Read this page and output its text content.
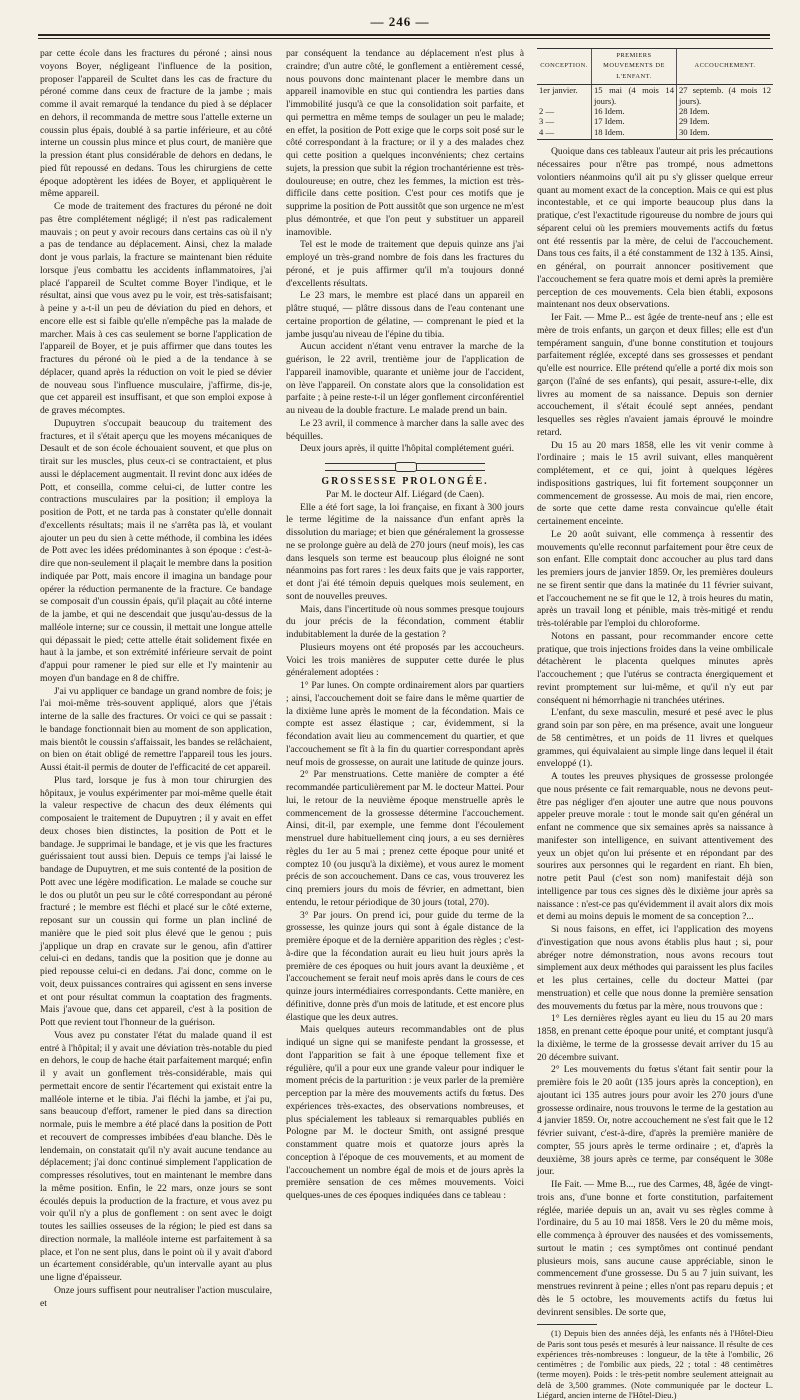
— 246 —

par cette école dans les fractures du péroné ; ainsi nous voyons Boyer, négligeant l'influence de la position, proposer l'appareil de Scultet dans les cas de fracture du péroné comme dans ceux de fracture de la jambe ; mais comme il avait remarqué la tendance du pied à se déplacer en dehors, il recommanda de mettre sous l'attelle externe un coussin plus épais, doublé à sa partie inférieure, et au côté interne un coussin plus mince et plus court, de manière que la pression étant plus considérable de dehors en dedans, le pied fût repoussé en dedans. Tous les chirurgiens de cette époque adoptèrent les idées de Boyer, et appliquèrent le même appareil.

Ce mode de traitement des fractures du péroné ne doit pas être complétement négligé; il n'est pas radicalement mauvais ; on peut y avoir recours dans certains cas où il n'y a pas de tendance au déplacement. Ainsi, chez la malade dont je vous parlais, la fracture se maintenant bien réduite lorsque j'eus combattu les accidents inflammatoires, j'ai placé l'appareil de Scultet comme Boyer l'indique, et le résultat, ainsi que vous avez pu le voir, est très-satisfaisant; à peine y a-t-il un peu de déviation du pied en dehors, et encore elle est si faible qu'elle n'empêche pas la malade de marcher. Mais à ces cas seulement se borne l'application de l'appareil de Boyer, et je puis affirmer que dans toutes les fractures du péroné où le pied a de la tendance à se déplacer, quand après la réduction on voit le pied se dévier de nouveau sous l'influence musculaire, j'affirme, dis-je, que cet appareil est insuffisant, et que son emploi expose à de graves mécomptes.

Dupuytren s'occupait beaucoup du traitement des fractures, et il s'était aperçu que les moyens mécaniques de Desault et de son école échouaient souvent, et que plus on tirait sur les muscles, plus ceux-ci se contractaient, et plus aussi le déplacement augmentait. Il revint donc aux idées de Pott, et conseilla, comme celui-ci, de lutter contre les contractions musculaires par la position; il employa la position de Pott, et ne tarda pas à constater qu'elle donnait d'excellents résultats; mais il ne s'arrêta pas là, et voulant ajouter un peu du sien à cette méthode, il combina les idées de Pott avec les idées prédominantes à son époque : c'est-à-dire que non-seulement il plaçait le membre dans la position indiquée par Pott, mais encore il imagina un bandage pour opérer la réduction permanente de la fracture. Ce bandage se composait d'un coussin épais, qu'il plaçait au côté interne de la jambe, et qui ne descendait que jusqu'au-dessus de la malléole interne; sur ce coussin, il mettait une longue attelle qui dépassait le pied; cette attelle était solidement fixée en haut à la jambe, et son extrémité inférieure servait de point d'appui pour ramener le pied sur elle et l'y maintenir au moyen d'un bandage en 8 de chiffre.

J'ai vu appliquer ce bandage un grand nombre de fois; je l'ai moi-même très-souvent appliqué, alors que j'étais interne de la salle des fractures. Or voici ce qui se passait : le bandage fonctionnait bien au moment de son application, mais bientôt le coussin s'affaissait, les bandes se relâchaient, on bien on était obligé de remettre l'appareil tous les jours. Aussi était-il permis de douter de l'efficacité de cet appareil.

Plus tard, lorsque je fus à mon tour chirurgien des hôpitaux, je voulus expérimenter par moi-même quelle était la valeur respective de chacun des deux éléments qui composaient le traitement de Dupuytren ; il y avait en effet deux choses bien distinctes, la position de Pott et le bandage. Je supprimai le bandage, et je vis que les fractures guérissaient tout aussi bien. Depuis ce temps j'ai laissé le bandage de Dupuytren, et me suis contenté de la position de Pott avec une légère modification. Le malade se couche sur le dos ou plutôt un peu sur le côté correspondant au péroné fracturé ; le membre est fléchi et placé sur le côté externe, reposant sur un coussin qui forme un plan incliné de manière que le pied soit plus élevé que le genou ; puis j'applique un drap en cravate sur le genou, afin d'attirer celui-ci en dedans, tandis que la position que je donne au pied repousse celui-ci en dedans. J'ai donc, comme on le voit, deux puissances contraires qui agissent en sens inverse et ont pour résultat commun la coaptation des fragments. Mais j'avoue que, dans cet appareil, c'est à la position de Pott que revient tout l'honneur de la guérison.

Vous avez pu constater l'état du malade quand il est entré à l'hôpital; il y avait une déviation très-notable du pied en dehors, le coup de hache était parfaitement marqué; enfin il y avait un gonflement très-considérable, mais qui permettait encore de sentir l'écartement qui existait entre la malléole interne et le tibia. J'ai fléchi la jambe, et j'ai pu, sans beaucoup d'effort, ramener le pied dans sa direction normale, puis le membre a été placé dans la position de Pott et recouvert de compresses imbibées d'eau blanche. Dès le lendemain, on constatait qu'il n'y avait aucune tendance au déplacement; j'ai donc continué simplement l'application de compresses résolutives, tout en maintenant le membre dans la même position. Enfin, le 22 mars, onze jours se sont écoulés depuis la production de la fracture, et vous avez pu voir qu'il n'y a plus de gonflement : on sent avec le doigt toutes les saillies osseuses de la région; le pied est dans sa direction normale, la malléole interne est parfaitement à sa place, et l'on ne sent plus, dans le point où il y avait d'abord un écartement considérable, qu'un intervalle ayant au plus une ligne d'épaisseur.

Onze jours suffisent pour neutraliser l'action musculaire, et

par conséquent la tendance au déplacement n'est plus à craindre; d'un autre côté, le gonflement a entièrement cessé, nous pouvons donc maintenant placer le membre dans un appareil inamovible en stuc qui contiendra les parties dans l'immobilité jusqu'à ce que la consolidation soit parfaite, et qui permettra en même temps de soulager un peu le malade; en effet, la position de Pott exige que le corps soit posé sur le côté correspondant à la fracture; or il y a des malades chez qui cette position a quelques inconvénients; chez certains sujets, la pression que subit la région trochantérienne est très-douloureuse; en outre, chez les femmes, la miction est très-difficile dans cette position. C'est pour ces motifs que je supprime la position de Pott aussitôt que son urgence ne m'est plus démontrée, et que l'on peut y substituer un appareil inamovible.

Tel est le mode de traitement que depuis quinze ans j'ai employé un très-grand nombre de fois dans les fractures du péroné, et je puis affirmer qu'il m'a toujours donné d'excellents résultats.

Le 23 mars, le membre est placé dans un appareil en plâtre stuqué, — plâtre dissous dans de l'eau contenant une certaine proportion de gélatine, — comprenant le pied et la jambe jusqu'au niveau de l'épine du tibia.

Aucun accident n'étant venu entraver la marche de la guérison, le 22 avril, trentième jour de l'application de l'appareil inamovible, quarante et unième jour de l'accident, on lève l'appareil. On constate alors que la consolidation est parfaite ; à peine reste-t-il un léger gonflement circonférentiel au niveau de la double fracture. Le malade prend un bain.

Le 23 avril, il commence à marcher dans la salle avec des béquilles.

Deux jours après, il quitte l'hôpital complétement guéri.

GROSSESSE PROLONGÉE.

Par M. le docteur Alf. Liégard (de Caen).

Elle a été fort sage, la loi française, en fixant à 300 jours le terme légitime de la naissance d'un enfant après la dissolution du mariage; et bien que généralement la grossesse ne se prolonge guère au delà de 270 jours (neuf mois), les cas dans lesquels son terme est beaucoup plus éloigné ne sont néanmoins pas fort rares : les deux faits que je vais rapporter, et dont j'ai été témoin depuis quelques mois seulement, en sont de nouvelles preuves.

Mais, dans l'incertitude où nous sommes presque toujours du jour précis de la fécondation, comment établir indubitablement la durée de la gestation ?

Plusieurs moyens ont été proposés par les accoucheurs. Voici les trois manières de supputer cette durée le plus généralement adoptées :

1° Par lunes. On compte ordinairement alors par quartiers ; ainsi, l'accouchement doit se faire dans le même quartier de la dixième lune après le moment de la fécondation. Mais ce compte est assez élastique ; car, évidemment, si la fécondation avait lieu au commencement du quartier, et que l'accouchement se fît à la fin du quartier correspondant après neuf mois de grossesse, on aurait une latitude de quinze jours.

2° Par menstruations. Cette manière de compter a été recommandée particulièrement par M. le docteur Mattei. Pour lui, le retour de la neuvième époque menstruelle après le commencement de la grossesse détermine l'accouchement. Ainsi, dit-il, par exemple, une femme dont l'écoulement menstruel dure habituellement cinq jours, a eu ses dernières règles du 1er au 5 mai ; prenez cette époque pour unité et comptez 10 (ou jusqu'à la dixième), et vous aurez le moment précis de son accouchement. Dans ce cas, vous trouverez les cinq premiers jours du mois de février, en admettant, bien entendu, le retour périodique de 30 jours (total, 270).

3° Par jours. On prend ici, pour guide du terme de la grossesse, les quinze jours qui sont à égale distance de la première époque et de la dernière apparition des règles ; c'est-à-dire que la fécondation aurait eu lieu huit jours après la première de ces époques ou huit jours avant la deuxième , et l'accouchement se ferait neuf mois après dans le cours de ces quinze jours intermédiaires correspondants. Cette manière, en définitive, donne près d'un mois de latitude, et est encore plus élastique que les deux autres.

Mais quelques auteurs recommandables ont de plus indiqué un signe qui se manifeste pendant la grossesse, et dont l'apparition se fait à une époque tellement fixe et régulière, qu'il a pour eux une grande valeur pour indiquer le moment précis de la parturition : je veux parler de la première perception par la mère des mouvements actifs du fœtus. Des expériences très-exactes, des observations nombreuses, et plus spécialement les tableaux si remarquables publiés en Pologne par M. le docteur Smith, ont assigné presque constamment quatre mois et quatorze jours après la conception à l'époque de ces mouvements, et au moment de l'accouchement un nombre égal de mois et de jours après la première sensation de ces mêmes mouvements. Voici quelques-unes de ces époques indiquées dans ce tableau :

CONCEPTION.	PREMIERS MOUVEMENTS DE L'ENFANT.	ACCOUCHEMENT.
1er janvier.	15 mai (4 mois 14 jours).	27 septemb. (4 mois 12 jours).
2 —	16 Idem.	28 Idem.
3 —	17 Idem.	29 Idem.
4 —	18 Idem.	30 Idem.

Quoique dans ces tableaux l'auteur ait pris les précautions nécessaires pour n'être pas trompé, nous admettons volontiers néanmoins qu'il ait pu s'y glisser quelque erreur quant au moment exact de la conception. Mais ce qui est plus incontestable, et ce qui importe beaucoup plus dans la pratique, c'est l'exactitude rigoureuse du nombre de jours qui séparent celui où les premiers mouvements actifs du fœtus ont été ressentis par la mère, de celui de l'accouchement. Dans tous ces faits, il a été constamment de 132 à 135. Ainsi, en général, on pourrait annoncer positivement que l'accouchement se fera quatre mois et demi après la première perception de ces mouvements. Cela bien établi, exposons maintenant nos deux observations.

Ier Fait. — Mme P... est âgée de trente-neuf ans ; elle est mère de trois enfants, un garçon et deux filles; elle est d'un tempérament sanguin, d'une bonne constitution et toujours parfaitement réglée, excepté dans ses grossesses et pendant qu'elle est nourrice. Elle prétend qu'elle a porté dix mois son garçon (l'aîné de ses enfants), qui pesait, assure-t-elle, dix livres au moment de sa naissance. Depuis son dernier accouchement, il s'était écoulé sept années, pendant lesquelles ses règles n'avaient jamais éprouvé le moindre retard.

Du 15 au 20 mars 1858, elle les vit venir comme à l'ordinaire ; mais le 15 avril suivant, elles manquèrent complétement, et ce qui, joint à quelques légères indispositions gastriques, lui fit fortement soupçonner un commencement de grossesse. Au mois de mai, rien encore, de sorte que cette dame resta convaincue qu'elle était certainement enceinte.

Le 20 août suivant, elle commença à ressentir des mouvements qu'elle reconnut parfaitement pour être ceux de son enfant. Elle comptait donc accoucher au plus tard dans les premiers jours de janvier 1859. Or, les premières douleurs ne se firent sentir que dans la matinée du 11 février suivant, et l'accouchement ne se fit que le 12, à trois heures du matin, après un travail long et pénible, mais très-mitigé et rendu très-tolérable par l'emploi du chloroforme.

Notons en passant, pour recommander encore cette pratique, que trois injections froides dans la veine ombilicale détachèrent le placenta quelques minutes après l'accouchement ; que l'utérus se contracta énergiquement et revint promptement sur lui-même, et qu'il n'y eut par conséquent ni hémorrhagie ni tranchées utérines.

L'enfant, du sexe masculin, mesuré et pesé avec le plus grand soin par son père, en ma présence, avait une longueur de 58 centimètres, et un poids de 11 livres et quelques grammes, qui équivalaient au simple linge dans lequel il était enveloppé (1).

A toutes les preuves physiques de grossesse prolongée que nous présente ce fait remarquable, nous ne devons peut-être pas négliger d'en ajouter une autre que nous pouvons appeler preuve morale : tout le monde sait qu'en général un enfant ne commence que six semaines après sa naissance à manifester son intelligence, en suivant attentivement des yeux un objet qu'on lui présente et en répondant par des sourires aux personnes qui le regardent en riant. Eh bien, notre petit Paul (c'est son nom) manifestait déjà son intelligence par tous ces signes dès le dixième jour après sa naissance : n'est-ce pas qu'évidemment il avait alors dix mois et demi au moins depuis le moment de sa conception ?...

Si nous faisons, en effet, ici l'application des moyens d'investigation que nous avons établis plus haut ; si, pour abréger notre démonstration, nous avons recours tout simplement aux deux méthodes qui paraissent les plus faciles et les plus certaines, celle du docteur Mattei (par menstruation) et celle que nous donne la première sensation des mouvements du fœtus par la mère, nous trouvons que :

1° Les dernières règles ayant eu lieu du 15 au 20 mars 1858, en prenant cette époque pour unité, et comptant jusqu'à la dixième, le terme de la grossesse devait arriver du 15 au 20 décembre suivant.

2° Les mouvements du fœtus s'étant fait sentir pour la première fois le 20 août (135 jours après la conception), en ajoutant ici 135 autres jours pour avoir les 270 jours d'une grossesse ordinaire, nous trouvons le terme de la gestation au 4 janvier 1859. Or, notre accouchement ne s'est fait que le 12 février suivant, c'est-à-dire, d'après la première manière de compter, 55 jours après le terme ordinaire ; et, d'après la deuxième, 38 jours après ce terme, par conséquent le 308e jour.

IIe Fait. — Mme B..., rue des Carmes, 48, âgée de vingt-trois ans, d'une bonne et forte constitution, parfaitement réglée, mariée depuis un an, avait vu ses règles comme à l'ordinaire, du 5 au 10 mai 1858. Vers le 20 du même mois, elle commença à éprouver des nausées et des vomissements, surtout le matin ; ces symptômes ont continué pendant plusieurs mois, sans aucune cause appréciable, sinon le commencement d'une grossesse. Du 5 au 7 juin suivant, les menstrues revinrent à peine ; elles n'ont pas reparu depuis ; et dès le 5 octobre, les mouvements actifs du fœtus lui devinrent sensibles. De sorte que,

(1) Depuis bien des années déjà, les enfants nés à l'Hôtel-Dieu de Paris sont tous pesés et mesurés à leur naissance. Il résulte de ces expériences très-nombreuses : longueur, de la tête à l'ombilic, 26 centimètres ; de l'ombilic aux pieds, 22 ; total : 48 centimètres (terme moyen). Poids : le très-petit nombre seulement atteignait au delà de 3,500 grammes. (Note communiquée par le docteur L. Liégard, ancien interne de l'Hôtel-Dieu.)
